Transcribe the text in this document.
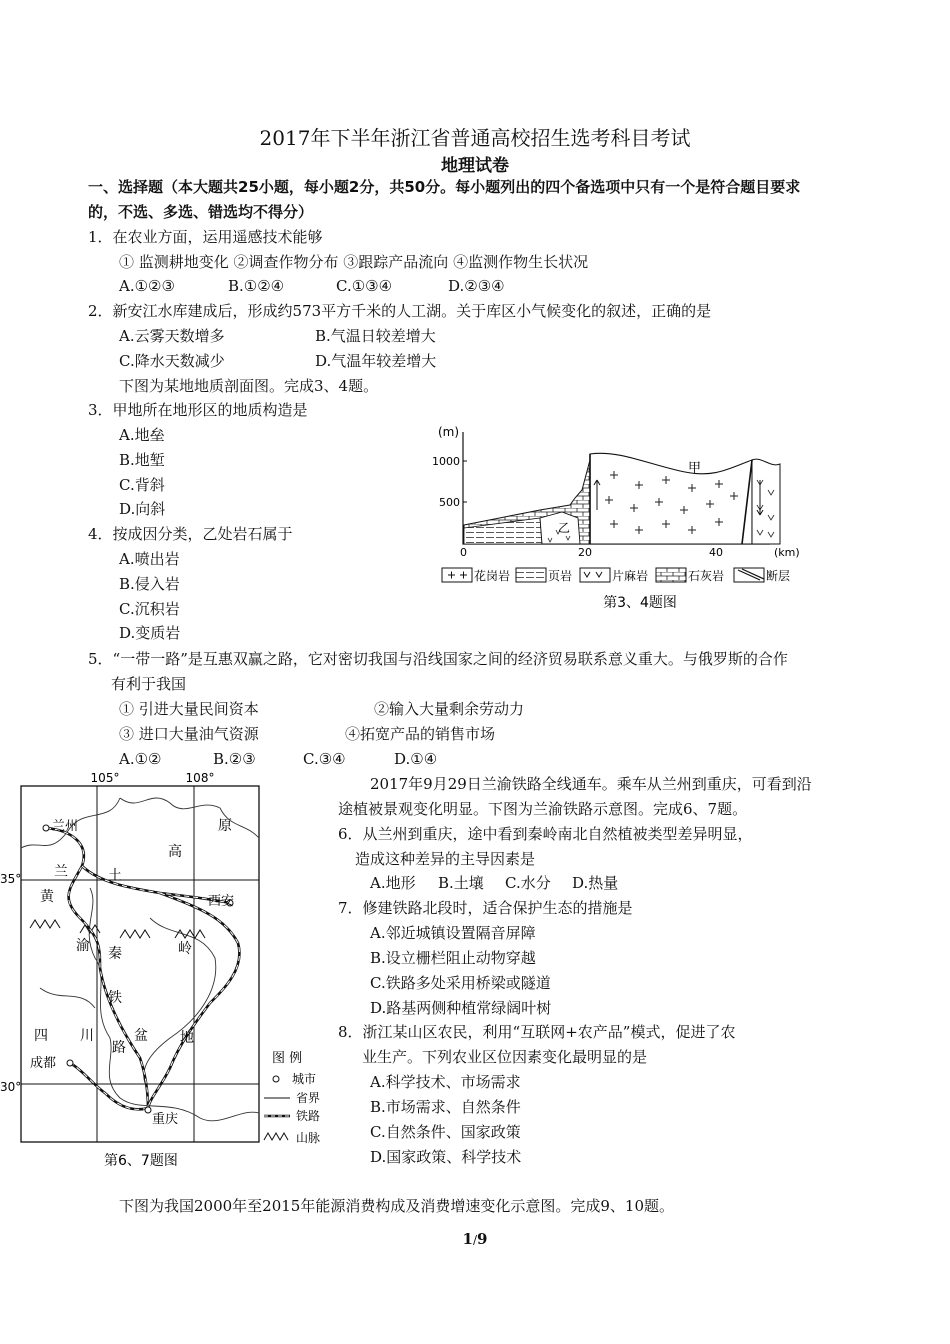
2017年下半年浙江省普通高校招生选考科目考试
地理试卷
一、选择题（本大题共25小题，每小题2分，共50分。每小题列出的四个备选项中只有一个是符合题目要求
的，不选、多选、错选均不得分）
1．在农业方面，运用遥感技术能够
① 监测耕地变化 ②调查作物分布 ③跟踪产品流向 ④监测作物生长状况
A.①②③	B.①②④	C.①③④	D.②③④
2．新安江水库建成后，形成约573平方千米的人工湖。关于库区小气候变化的叙述，正确的是
A.云雾天数增多	B.气温日较差增大
C.降水天数减少	D.气温年较差增大
下图为某地地质剖面图。完成3、4题。
3．甲地所在地形区的地质构造是
A.地垒
B.地堑
C.背斜
D.向斜
4．按成因分类，乙处岩石属于
A.喷出岩
B.侵入岩
C.沉积岩
D.变质岩
(m)
1000
500
0	20	40	(km)
甲
乙
花岗岩	页岩	片麻岩	石灰岩	断层
第3、4题图
5．“一带一路”是互惠双赢之路，它对密切我国与沿线国家之间的经济贸易联系意义重大。与俄罗斯的合作
有利于我国
① 引进大量民间资本	②输入大量剩余劳动力
③ 进口大量油气资源	④拓宽产品的销售市场
A.①②	B.②③	C.③④	D.①④
105°	108°
35°
30°
兰州
西安
成都
重庆
高
原
兰	土
黄
渝 秦	岭
铁
路
盆 地
四 川
图 例
城市
省界
铁路
山脉
第6、7题图
2017年9月29日兰渝铁路全线通车。乘车从兰州到重庆，可看到沿
途植被景观变化明显。下图为兰渝铁路示意图。完成6、7题。
6．从兰州到重庆，途中看到秦岭南北自然植被类型差异明显，
造成这种差异的主导因素是
A.地形 B.土壤 C.水分 D.热量
7．修建铁路北段时，适合保护生态的措施是
A.邻近城镇设置隔音屏障
B.设立栅栏阻止动物穿越
C.铁路多处采用桥梁或隧道
D.路基两侧种植常绿阔叶树
8．浙江某山区农民，利用“互联网+农产品”模式，促进了农
业生产。下列农业区位因素变化最明显的是
A.科学技术、市场需求
B.市场需求、自然条件
C.自然条件、国家政策
D.国家政策、科学技术
下图为我国2000年至2015年能源消费构成及消费增速变化示意图。完成9、10题。
1/9
